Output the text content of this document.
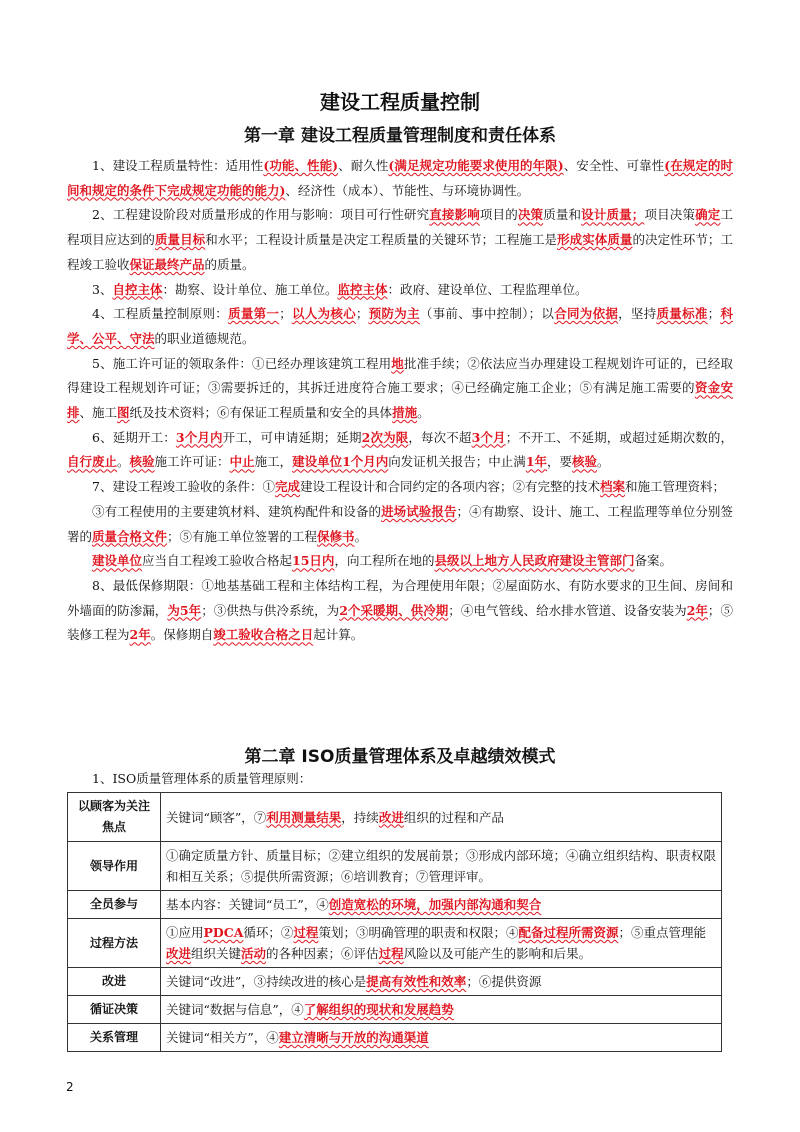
建设工程质量控制
第一章 建设工程质量管理制度和责任体系

1、建设工程质量特性：适用性(功能、性能)、耐久性(满足规定功能要求使用的年限)、安全性、可靠性(在规定的时间和规定的条件下完成规定功能的能力)、经济性（成本）、节能性、与环境协调性。

2、工程建设阶段对质量形成的作用与影响：项目可行性研究直接影响项目的决策质量和设计质量；项目决策确定工程项目应达到的质量目标和水平；工程设计质量是决定工程质量的关键环节；工程施工是形成实体质量的决定性环节；工程竣工验收保证最终产品的质量。

3、自控主体：勘察、设计单位、施工单位。监控主体：政府、建设单位、工程监理单位。

4、工程质量控制原则：质量第一；以人为核心；预防为主（事前、事中控制）；以合同为依据，坚持质量标准；科学、公平、守法的职业道德规范。

5、施工许可证的领取条件：①已经办理该建筑工程用地批准手续；②依法应当办理建设工程规划许可证的，已经取得建设工程规划许可证；③需要拆迁的，其拆迁进度符合施工要求；④已经确定施工企业；⑤有满足施工需要的资金安排、施工图纸及技术资料；⑥有保证工程质量和安全的具体措施。

6、延期开工：3个月内开工，可申请延期；延期2次为限，每次不超3个月；不开工、不延期，或超过延期次数的，自行废止。核验施工许可证：中止施工，建设单位1个月内向发证机关报告；中止满1年，要核验。

7、建设工程竣工验收的条件：①完成建设工程设计和合同约定的各项内容；②有完整的技术档案和施工管理资料；

③有工程使用的主要建筑材料、建筑构配件和设备的进场试验报告；④有勘察、设计、施工、工程监理等单位分别签署的质量合格文件；⑤有施工单位签署的工程保修书。

建设单位应当自工程竣工验收合格起15日内，向工程所在地的县级以上地方人民政府建设主管部门备案。

8、最低保修期限：①地基基础工程和主体结构工程，为合理使用年限；②屋面防水、有防水要求的卫生间、房间和外墙面的防渗漏，为5年；③供热与供冷系统，为2个采暖期、供冷期；④电气管线、给水排水管道、设备安装为2年；⑤装修工程为2年。保修期自竣工验收合格之日起计算。

第二章 ISO质量管理体系及卓越绩效模式

1、ISO质量管理体系的质量管理原则：

以顾客为关注焦点	关键词“顾客”，⑦利用测量结果，持续改进组织的过程和产品
领导作用	①确定质量方针、质量目标；②建立组织的发展前景；③形成内部环境；④确立组织结构、职责权限和相互关系；⑤提供所需资源；⑥培训教育；⑦管理评审。
全员参与	基本内容：关键词“员工”，④创造宽松的环境，加强内部沟通和契合
过程方法	①应用PDCA循环；②过程策划；③明确管理的职责和权限；④配备过程所需资源；⑤重点管理能改进组织关键活动的各种因素；⑥评估过程风险以及可能产生的影响和后果。
改进	关键词“改进”，③持续改进的核心是提高有效性和效率；⑥提供资源
循证决策	关键词“数据与信息”，④了解组织的现状和发展趋势
关系管理	关键词“相关方”，④建立清晰与开放的沟通渠道
2
